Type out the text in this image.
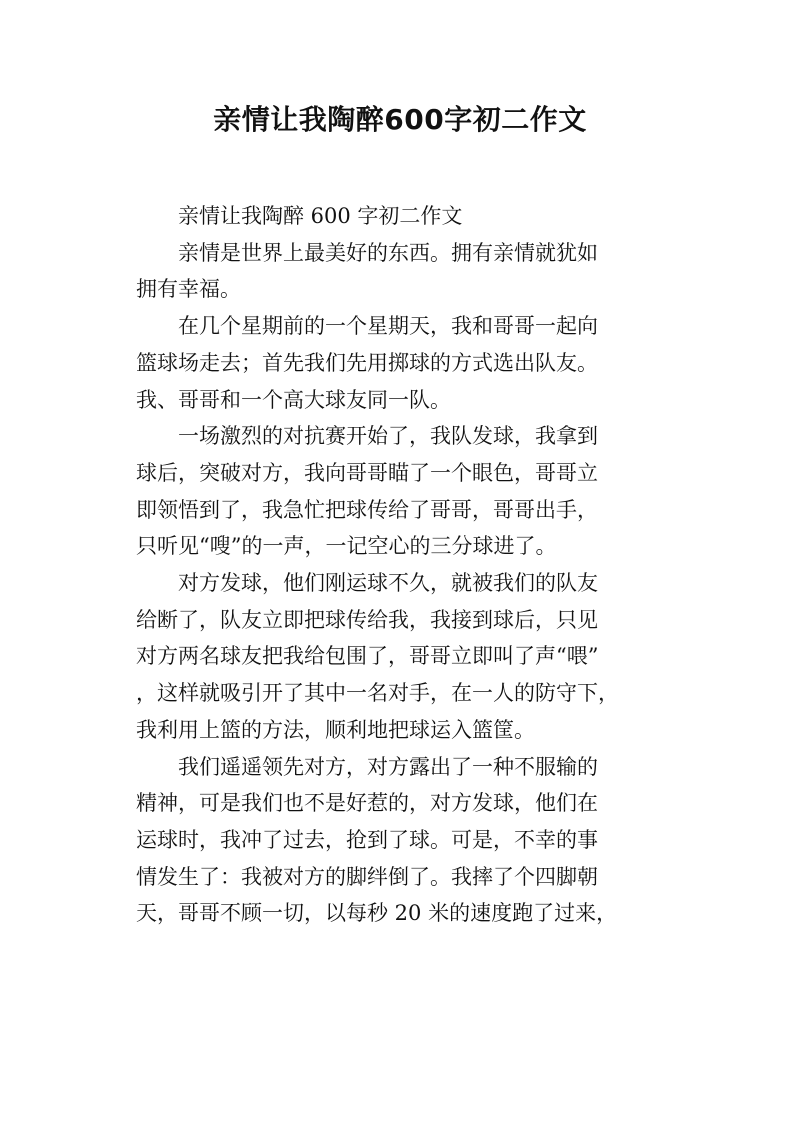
亲情让我陶醉600字初二作文
亲情让我陶醉 600 字初二作文
亲情是世界上最美好的东西。拥有亲情就犹如
拥有幸福。
在几个星期前的一个星期天，我和哥哥一起向
篮球场走去；首先我们先用掷球的方式选出队友。
我、哥哥和一个高大球友同一队。
一场激烈的对抗赛开始了，我队发球，我拿到
球后，突破对方，我向哥哥瞄了一个眼色，哥哥立
即领悟到了，我急忙把球传给了哥哥，哥哥出手，
只听见“嗖”的一声，一记空心的三分球进了。
对方发球，他们刚运球不久，就被我们的队友
给断了，队友立即把球传给我，我接到球后，只见
对方两名球友把我给包围了，哥哥立即叫了声“喂”
，这样就吸引开了其中一名对手，在一人的防守下，
我利用上篮的方法，顺利地把球运入篮筐。
我们遥遥领先对方，对方露出了一种不服输的
精神，可是我们也不是好惹的，对方发球，他们在
运球时，我冲了过去，抢到了球。可是，不幸的事
情发生了：我被对方的脚绊倒了。我摔了个四脚朝
天，哥哥不顾一切，以每秒 20 米的速度跑了过来，
